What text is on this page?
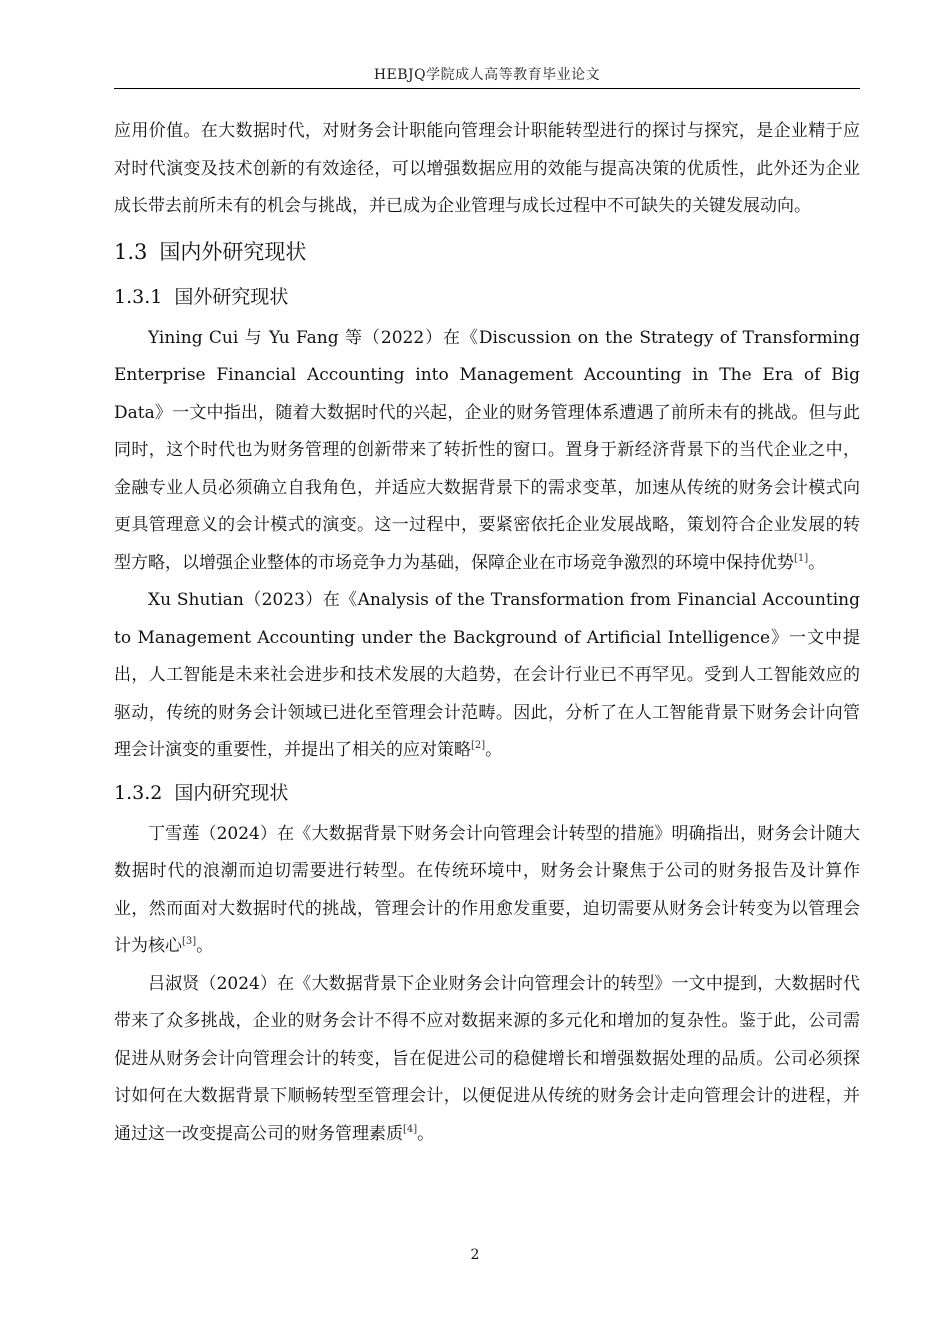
HEBJQ学院成人高等教育毕业论文

应用价值。在大数据时代，对财务会计职能向管理会计职能转型进行的探讨与探究，是企业精于应对时代演变及技术创新的有效途径，可以增强数据应用的效能与提高决策的优质性，此外还为企业成长带去前所未有的机会与挑战，并已成为企业管理与成长过程中不可缺失的关键发展动向。

1.3 国内外研究现状
1.3.1 国外研究现状

Yining Cui 与 Yu Fang 等（2022）在《Discussion on the Strategy of Transforming Enterprise Financial Accounting into Management Accounting in The Era of Big Data》一文中指出，随着大数据时代的兴起，企业的财务管理体系遭遇了前所未有的挑战。但与此同时，这个时代也为财务管理的创新带来了转折性的窗口。置身于新经济背景下的当代企业之中，金融专业人员必须确立自我角色，并适应大数据背景下的需求变革，加速从传统的财务会计模式向更具管理意义的会计模式的演变。这一过程中，要紧密依托企业发展战略，策划符合企业发展的转型方略，以增强企业整体的市场竞争力为基础，保障企业在市场竞争激烈的环境中保持优势[1]。

Xu Shutian（2023）在《Analysis of the Transformation from Financial Accounting to Management Accounting under the Background of Artificial Intelligence》一文中提出，人工智能是未来社会进步和技术发展的大趋势，在会计行业已不再罕见。受到人工智能效应的驱动，传统的财务会计领域已进化至管理会计范畴。因此，分析了在人工智能背景下财务会计向管理会计演变的重要性，并提出了相关的应对策略[2]。

1.3.2 国内研究现状

丁雪莲（2024）在《大数据背景下财务会计向管理会计转型的措施》明确指出，财务会计随大数据时代的浪潮而迫切需要进行转型。在传统环境中，财务会计聚焦于公司的财务报告及计算作业，然而面对大数据时代的挑战，管理会计的作用愈发重要，迫切需要从财务会计转变为以管理会计为核心[3]。

吕淑贤（2024）在《大数据背景下企业财务会计向管理会计的转型》一文中提到，大数据时代带来了众多挑战，企业的财务会计不得不应对数据来源的多元化和增加的复杂性。鉴于此，公司需促进从财务会计向管理会计的转变，旨在促进公司的稳健增长和增强数据处理的品质。公司必须探讨如何在大数据背景下顺畅转型至管理会计，以便促进从传统的财务会计走向管理会计的进程，并通过这一改变提高公司的财务管理素质[4]。

2
